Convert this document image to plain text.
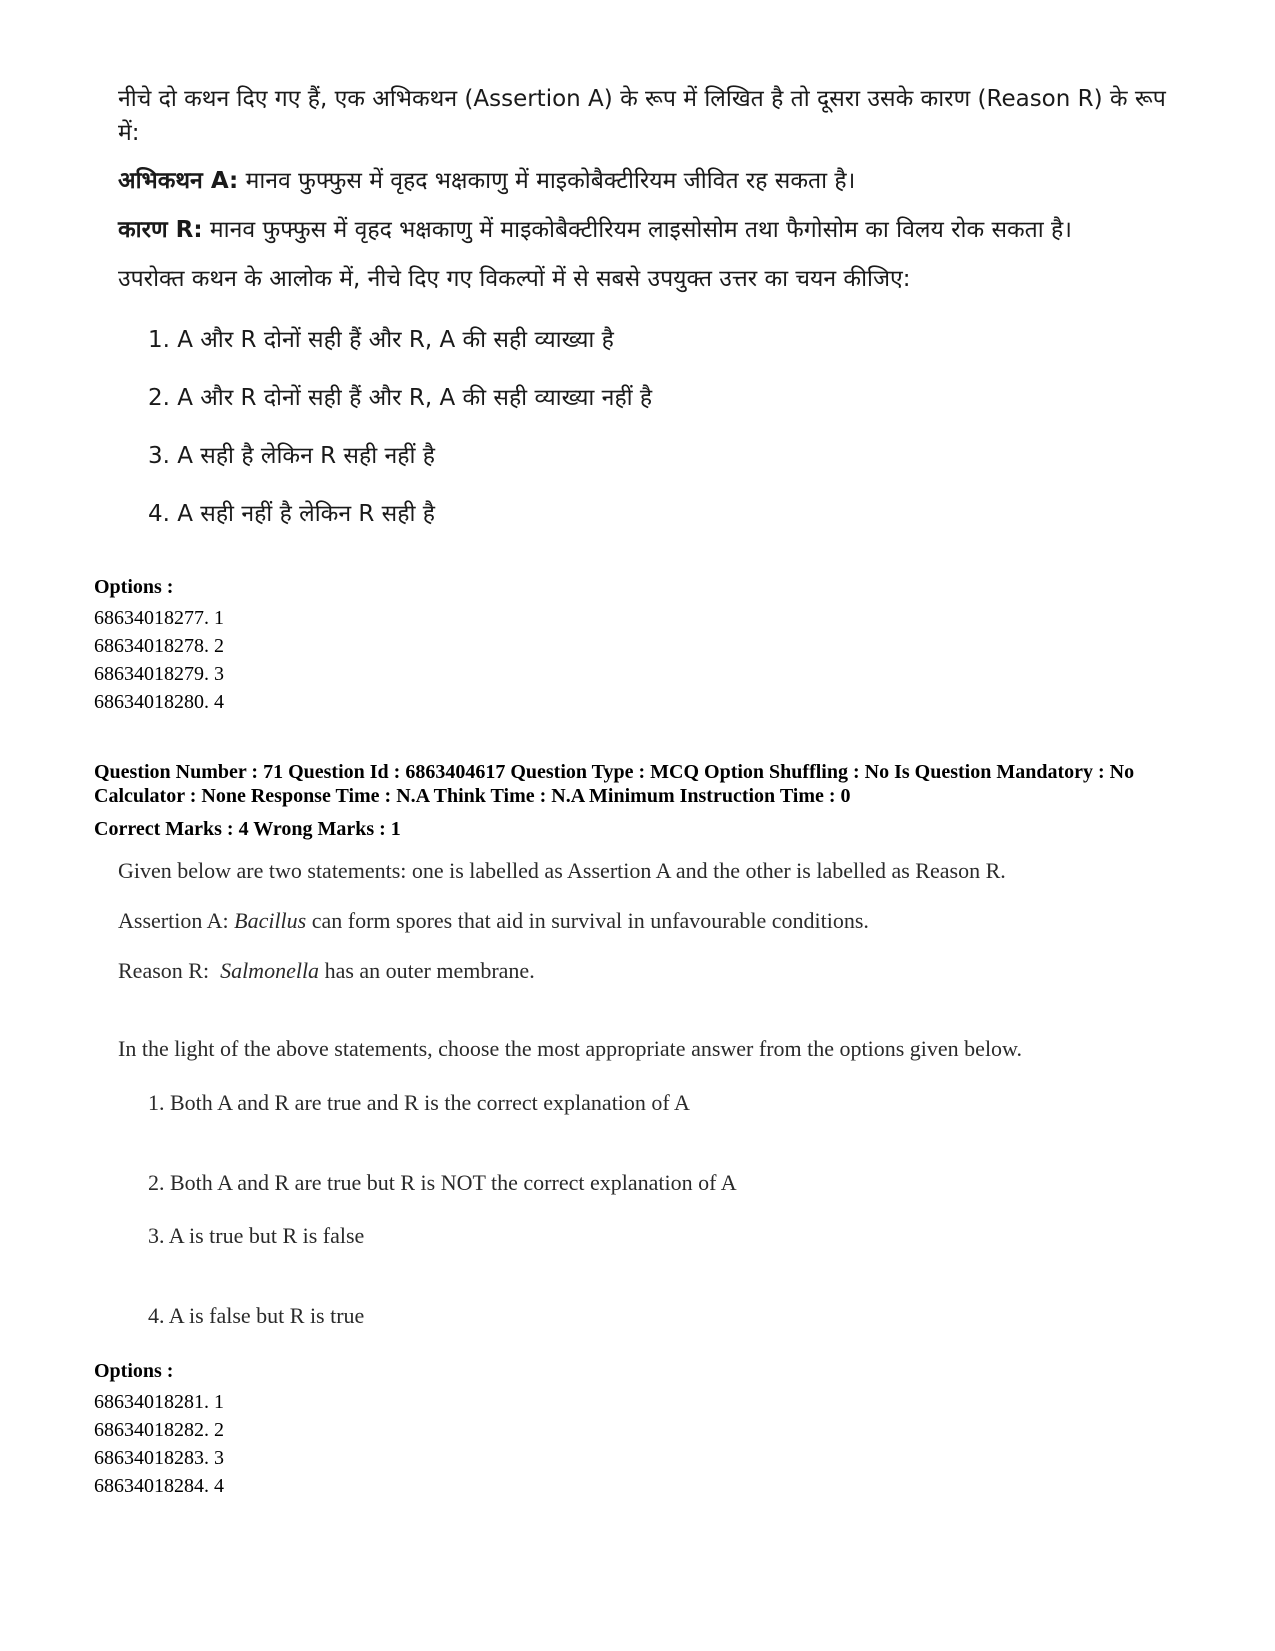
नीचे दो कथन दिए गए हैं, एक अभिकथन (Assertion A) के रूप में लिखित है तो दूसरा उसके कारण (Reason R) के रूप में:

अभिकथन A: मानव फुफ्फुस में वृहद भक्षकाणु में माइकोबैक्टीरियम जीवित रह सकता है।

कारण R: मानव फुफ्फुस में वृहद भक्षकाणु में माइकोबैक्टीरियम लाइसोसोम तथा फैगोसोम का विलय रोक सकता है।

उपरोक्त कथन के आलोक में, नीचे दिए गए विकल्पों में से सबसे उपयुक्त उत्तर का चयन कीजिए:

1. A और R दोनों सही हैं और R, A की सही व्याख्या है
2. A और R दोनों सही हैं और R, A की सही व्याख्या नहीं है
3. A सही है लेकिन R सही नहीं है
4. A सही नहीं है लेकिन R सही है
Options :
68634018277. 1
68634018278. 2
68634018279. 3
68634018280. 4
Question Number : 71 Question Id : 6863404617 Question Type : MCQ Option Shuffling : No Is Question Mandatory : No Calculator : None Response Time : N.A Think Time : N.A Minimum Instruction Time : 0
Correct Marks : 4 Wrong Marks : 1
Given below are two statements: one is labelled as Assertion A and the other is labelled as Reason R.
Assertion A: Bacillus can form spores that aid in survival in unfavourable conditions.
Reason R: Salmonella has an outer membrane.
In the light of the above statements, choose the most appropriate answer from the options given below.
1. Both A and R are true and R is the correct explanation of A
2. Both A and R are true but R is NOT the correct explanation of A
3. A is true but R is false
4. A is false but R is true
Options :
68634018281. 1
68634018282. 2
68634018283. 3
68634018284. 4
